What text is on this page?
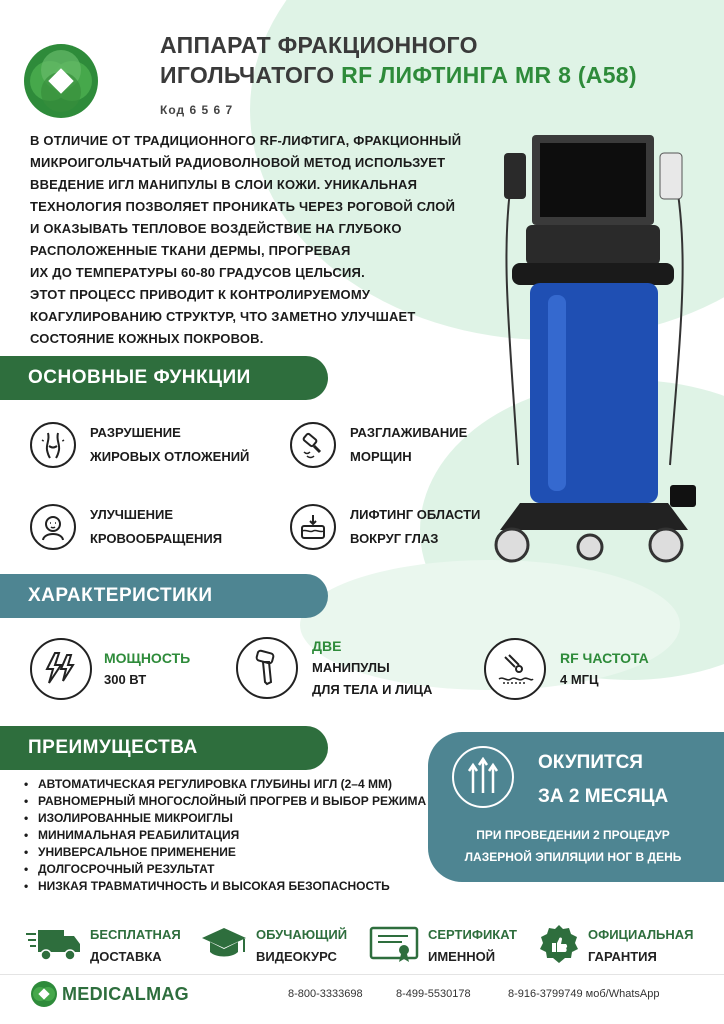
АППАРАТ ФРАКЦИОННОГО
ИГОЛЬЧАТОГО RF ЛИФТИНГА MR 8 (А58)
Код 6 5 6 7
В ОТЛИЧИЕ ОТ ТРАДИЦИОННОГО RF-ЛИФТИГА, ФРАКЦИОННЫЙ
МИКРОИГОЛЬЧАТЫЙ РАДИОВОЛНОВОЙ МЕТОД ИСПОЛЬЗУЕТ
ВВЕДЕНИЕ ИГЛ МАНИПУЛЫ В СЛОИ КОЖИ. УНИКАЛЬНАЯ
ТЕХНОЛОГИЯ ПОЗВОЛЯЕТ ПРОНИКАТЬ ЧЕРЕЗ РОГОВОЙ СЛОЙ
И ОКАЗЫВАТЬ ТЕПЛОВОЕ ВОЗДЕЙСТВИЕ НА ГЛУБОКО
РАСПОЛОЖЕННЫЕ ТКАНИ ДЕРМЫ, ПРОГРЕВАЯ
ИХ ДО ТЕМПЕРАТУРЫ 60-80 ГРАДУСОВ ЦЕЛЬСИЯ.
ЭТОТ ПРОЦЕСС ПРИВОДИТ К КОНТРОЛИРУЕМОМУ
КОАГУЛИРОВАНИЮ СТРУКТУР, ЧТО ЗАМЕТНО УЛУЧШАЕТ
СОСТОЯНИЕ КОЖНЫХ ПОКРОВОВ.
ОСНОВНЫЕ ФУНКЦИИ
РАЗРУШЕНИЕ
ЖИРОВЫХ ОТЛОЖЕНИЙ
РАЗГЛАЖИВАНИЕ
МОРЩИН
УЛУЧШЕНИЕ
КРОВООБРАЩЕНИЯ
ЛИФТИНГ ОБЛАСТИ
ВОКРУГ ГЛАЗ
ХАРАКТЕРИСТИКИ
МОЩНОСТЬ
300 ВТ
ДВЕ
МАНИПУЛЫ
ДЛЯ ТЕЛА И ЛИЦА
RF ЧАСТОТА
4 МГЦ
ПРЕИМУЩЕСТВА
• АВТОМАТИЧЕСКАЯ РЕГУЛИРОВКА ГЛУБИНЫ ИГЛ (2–4 ММ)
• РАВНОМЕРНЫЙ МНОГОСЛОЙНЫЙ ПРОГРЕВ И ВЫБОР РЕЖИМА
• ИЗОЛИРОВАННЫЕ МИКРОИГЛЫ
• МИНИМАЛЬНАЯ РЕАБИЛИТАЦИЯ
• УНИВЕРСАЛЬНОЕ ПРИМЕНЕНИЕ
• ДОЛГОСРОЧНЫЙ РЕЗУЛЬТАТ
• НИЗКАЯ ТРАВМАТИЧНОСТЬ И ВЫСОКАЯ БЕЗОПАСНОСТЬ
ОКУПИТСЯ
ЗА 2 МЕСЯЦА
ПРИ ПРОВЕДЕНИИ 2 ПРОЦЕДУР
ЛАЗЕРНОЙ ЭПИЛЯЦИИ НОГ В ДЕНЬ
БЕСПЛАТНАЯ
ДОСТАВКА
ОБУЧАЮЩИЙ
ВИДЕОКУРС
СЕРТИФИКАТ
ИМЕННОЙ
ОФИЦИАЛЬНАЯ
ГАРАНТИЯ
MEDICALMAG	8-800-3333698	8-499-5530178	8-916-3799749 моб/WhatsApp
